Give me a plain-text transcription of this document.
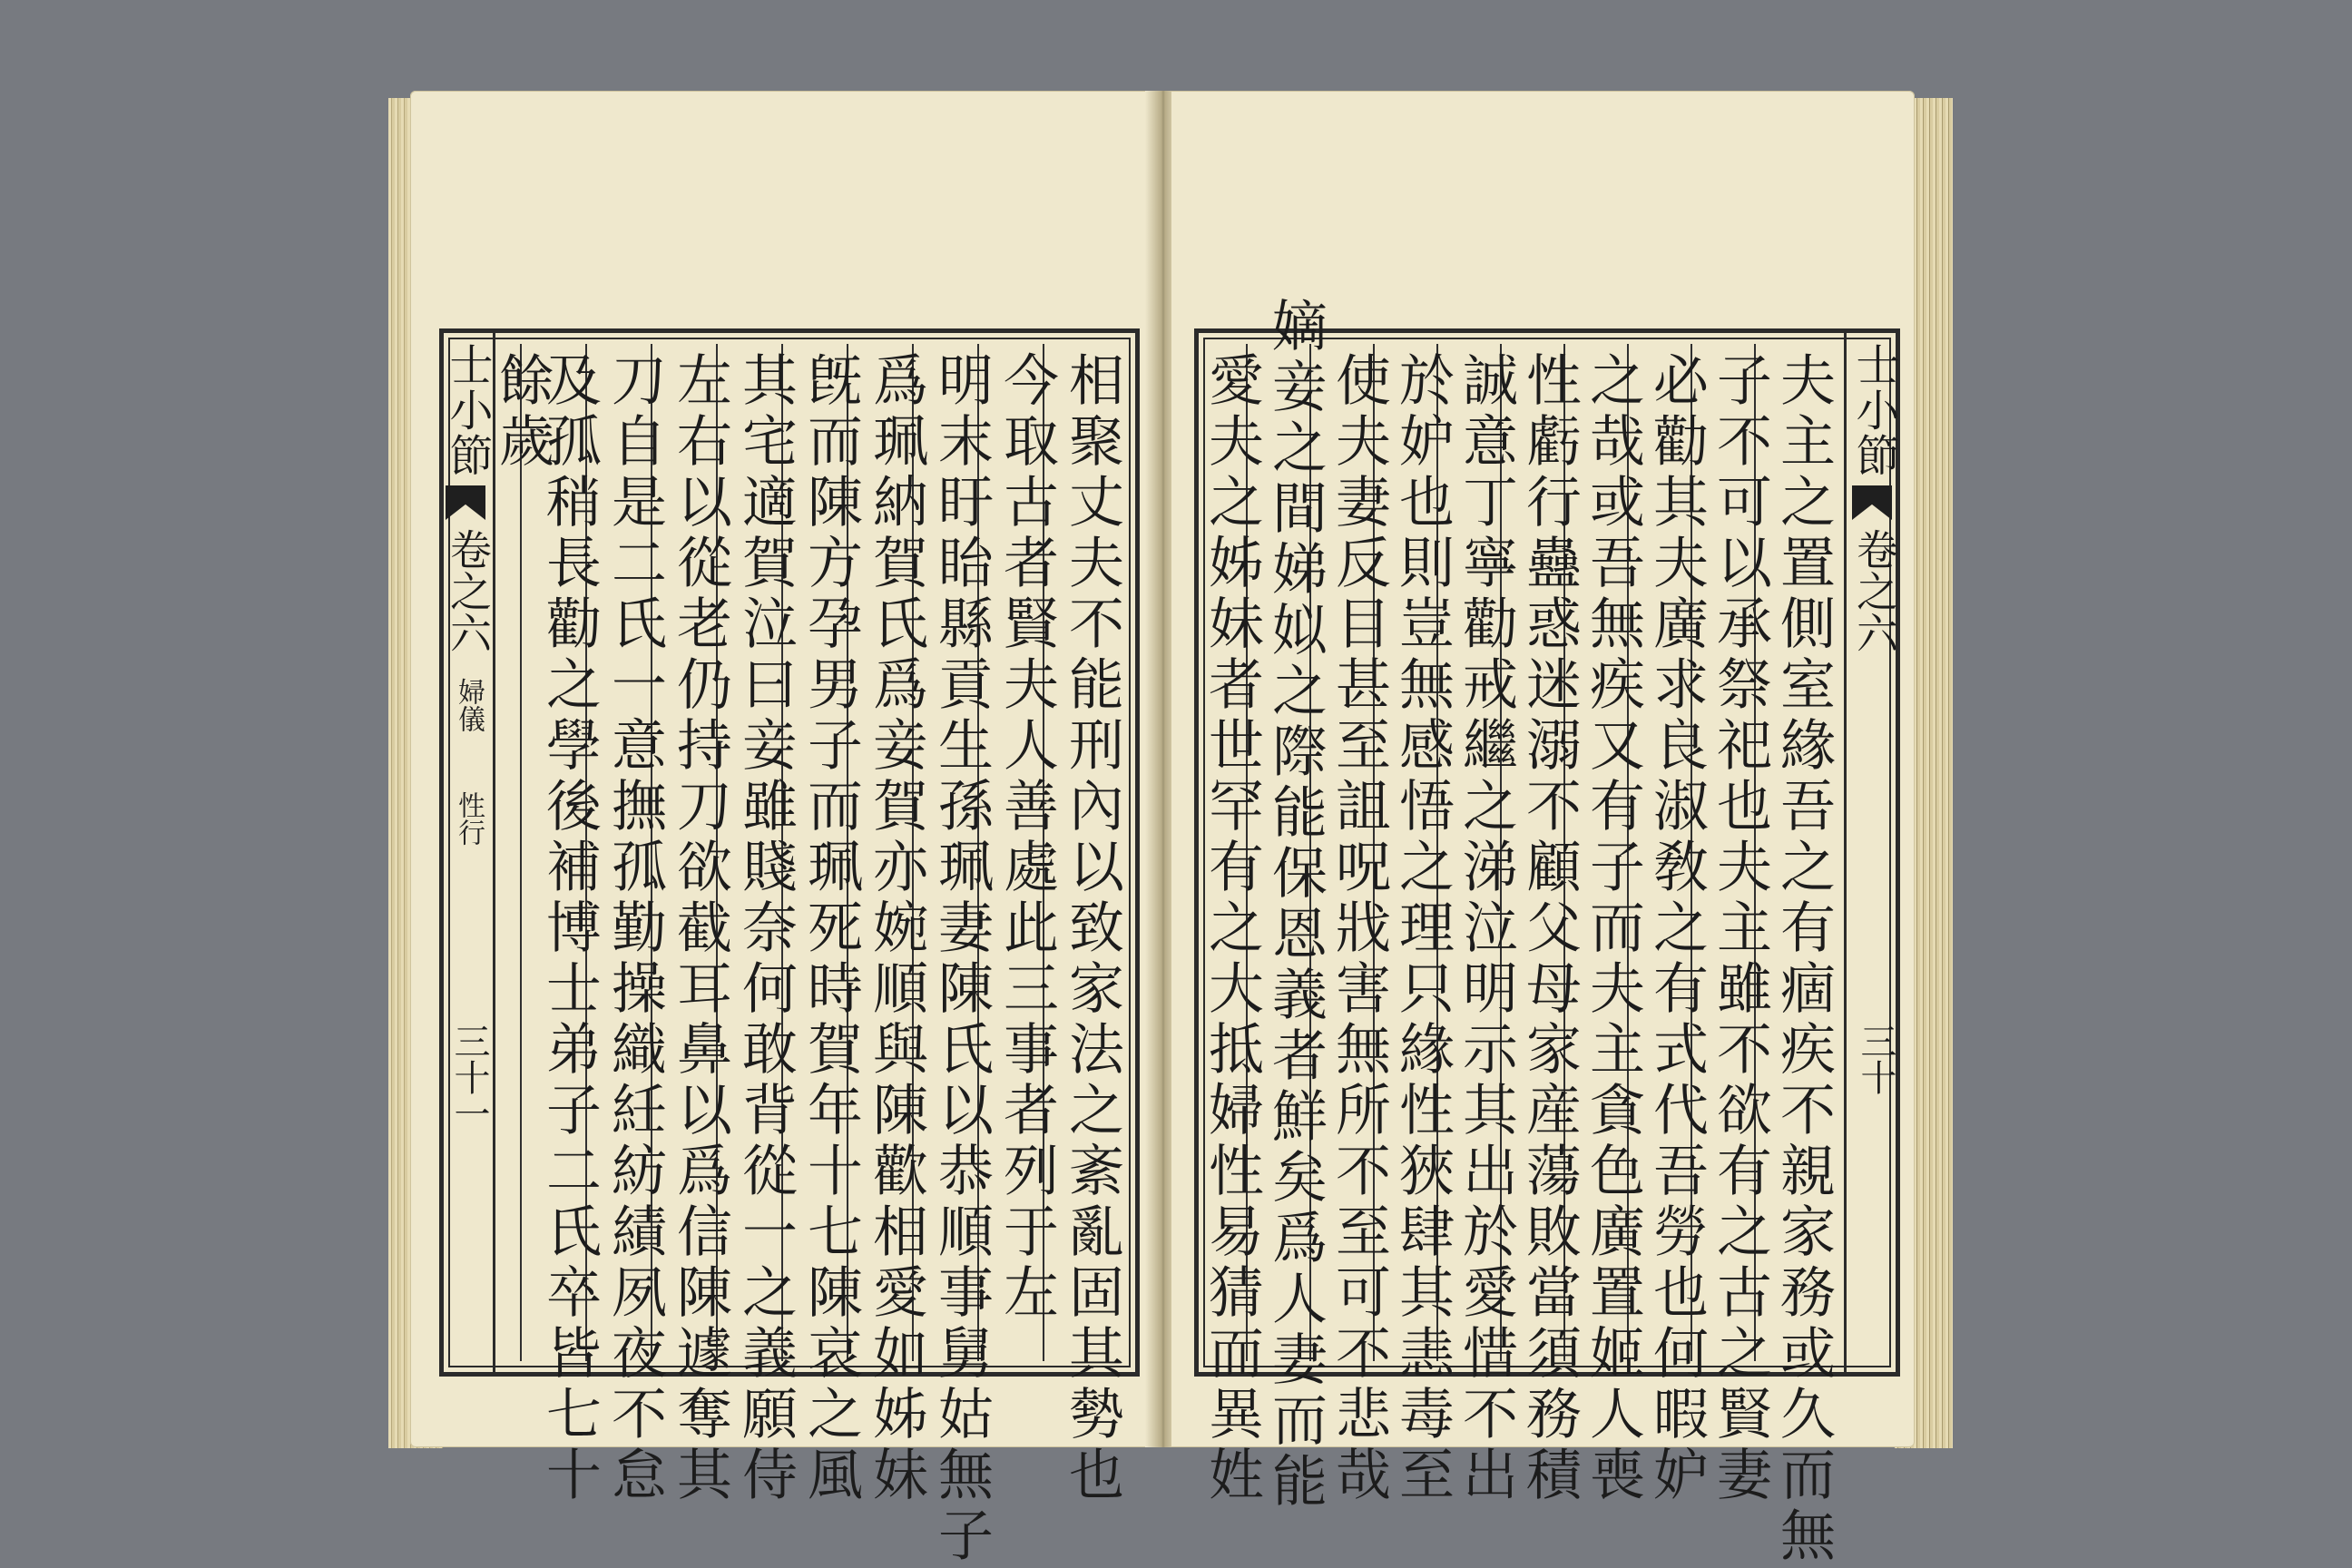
相聚丈夫不能刑內以致家法之紊亂固其勢也
今取古者賢夫人善處此三事者列于左
明末盱眙縣貢生孫珮妻陳氏以恭順事舅姑無子
爲珮納賀氏爲妾賀亦婉順與陳歡相愛如姊妹
旣而陳方孕男子而珮死時賀年十七陳哀之風
其宅適賀泣曰妾雖賤奈何敢背從一之義願侍
左右以從老仍持刀欲截耳鼻以爲信陳遽奪其
刀自是二氏一意撫孤勤操織紝紡績夙夜不怠
及孤稍長勸之學後補博士弟子二氏卒皆七十
餘歲
士小節
卷之六
婦儀
性行
三十一	夫主之置側室緣吾之有痼疾不親家務或久而無
子不可以承祭祀也夫主雖不欲有之古之賢妻
必勸其夫廣求良淑敎之有式代吾勞也何暇妒
之哉或吾無疾又有子而夫主貪色廣置姬人喪
性虧行蠱惑迷溺不顧父母家産蕩敗當須務積
誠意丁寧勸戒繼之涕泣明示其出於愛惜不出
於妒也則豈無感悟之理只緣性狹肆其恚毒至
使夫妻反目甚至詛呪戕害無所不至可不悲哉
嫡妾之間娣姒之際能保恩義者鮮矣爲人妻而能
愛夫之姊妹者世罕有之大抵婦性易猜而異姓	士小節
卷之六
三十
